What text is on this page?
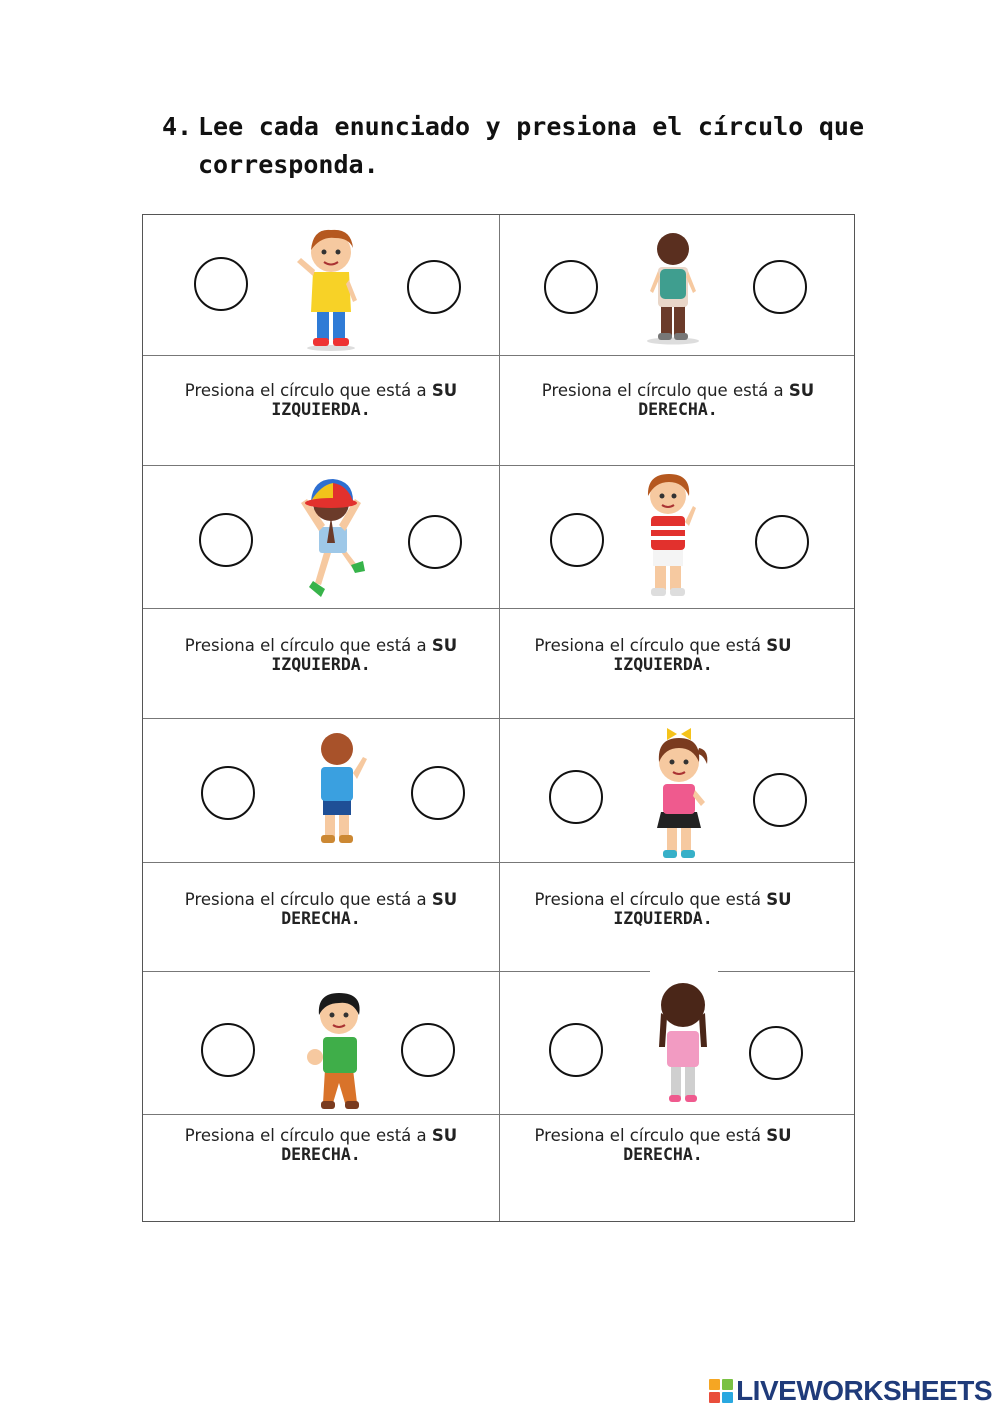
4. Lee cada enunciado y presiona el círculo que corresponda.
Presiona el círculo que está a SU
IZQUIERDA.
Presiona el círculo que está a SU
DERECHA.
Presiona el círculo que está a SU
IZQUIERDA.
Presiona el círculo que está SU
IZQUIERDA.
Presiona el círculo que está a SU
DERECHA.
Presiona el círculo que está SU
IZQUIERDA.
Presiona el círculo que está a SU
DERECHA.
Presiona el círculo que está SU
DERECHA.
LIVEWORKSHEETS
